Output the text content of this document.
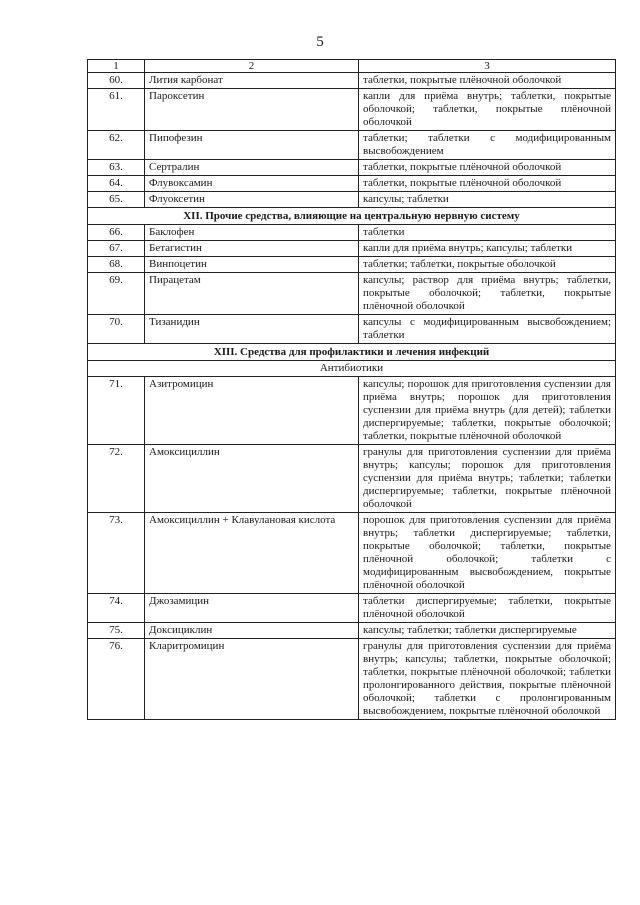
5
1	2	3
60.	Лития карбонат	таблетки, покрытые плёночной оболочкой
61.	Пароксетин	капли для приёма внутрь; таблетки, покрытые оболочкой; таблетки, покрытые плёночной оболочкой
62.	Пипофезин	таблетки; таблетки с модифицированным высвобождением
63.	Сертралин	таблетки, покрытые плёночной оболочкой
64.	Флувоксамин	таблетки, покрытые плёночной оболочкой
65.	Флуоксетин	капсулы; таблетки
XII. Прочие средства, влияющие на центральную нервную систему		
66.	Баклофен	таблетки
67.	Бетагистин	капли для приёма внутрь; капсулы; таблетки
68.	Винпоцетин	таблетки; таблетки, покрытые оболочкой
69.	Пирацетам	капсулы; раствор для приёма внутрь; таблетки, покрытые оболочкой; таблетки, покрытые плёночной оболочкой
70.	Тизанидин	капсулы с модифицированным высвобождением; таблетки
XIII. Средства для профилактики и лечения инфекций		
Антибиотики		
71.	Азитромицин	капсулы; порошок для приготовления суспензии для приёма внутрь; порошок для приготовления суспензии для приёма внутрь (для детей); таблетки диспергируемые; таблетки, покрытые оболочкой; таблетки, покрытые плёночной оболочкой
72.	Амоксициллин	гранулы для приготовления суспензии для приёма внутрь; капсулы; порошок для приготовления суспензии для приёма внутрь; таблетки; таблетки диспергируемые; таблетки, покрытые плёночной оболочкой
73.	Амоксициллин + Клавулановая кислота	порошок для приготовления суспензии для приёма внутрь; таблетки диспергируемые; таблетки, покрытые оболочкой; таблетки, покрытые плёночной оболочкой; таблетки с модифицированным высвобождением, покрытые плёночной оболочкой
74.	Джозамицин	таблетки диспергируемые; таблетки, покрытые плёночной оболочкой
75.	Доксициклин	капсулы; таблетки; таблетки диспергируемые
76.	Кларитромицин	гранулы для приготовления суспензии для приёма внутрь; капсулы; таблетки, покрытые оболочкой; таблетки, покрытые плёночной оболочкой; таблетки пролонгированного действия, покрытые плёночной оболочкой; таблетки с пролонгированным высвобождением, покрытые плёночной оболочкой
